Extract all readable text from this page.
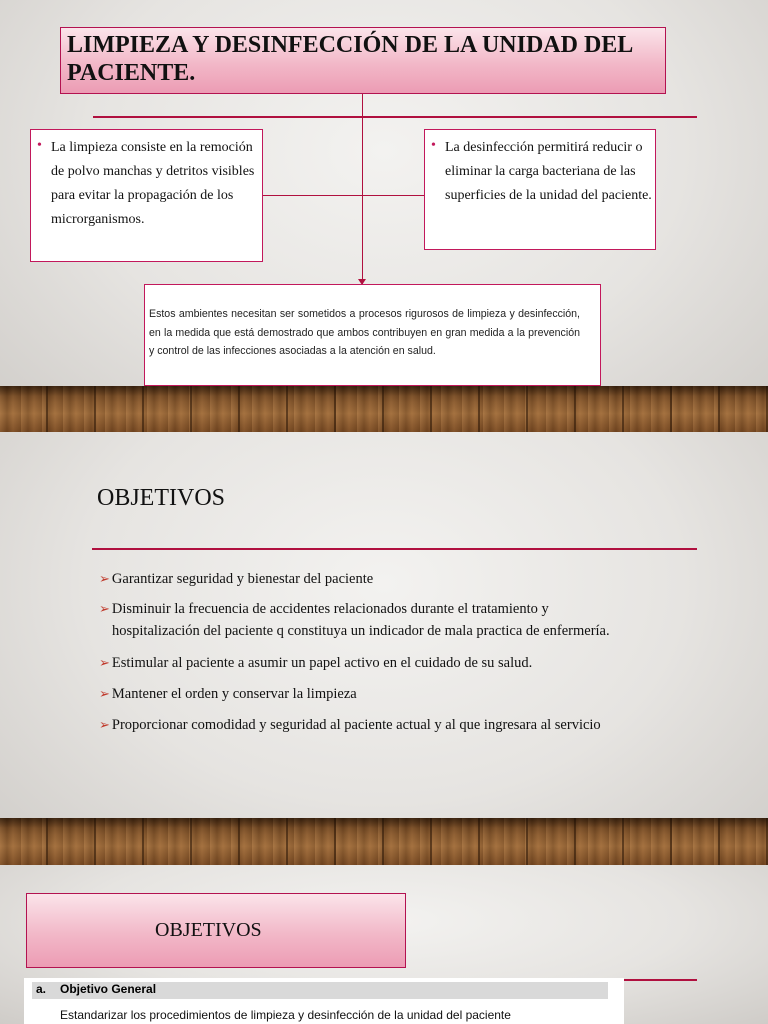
LIMPIEZA Y DESINFECCIÓN DE LA UNIDAD DEL PACIENTE.
• La limpieza consiste en la remoción de polvo manchas y detritos visibles para evitar la propagación de los microrganismos.
• La desinfección permitirá reducir o eliminar la carga bacteriana de las superficies de la unidad del paciente.
Estos ambientes necesitan ser sometidos a procesos rigurosos de limpieza y desinfección, en la medida que está demostrado que ambos contribuyen en gran medida a la prevención y control de las infecciones asociadas a la atención en salud.
OBJETIVOS
➢ Garantizar seguridad y bienestar del paciente
➢ Disminuir la frecuencia de accidentes relacionados durante el tratamiento y
hospitalización del paciente q constituya un indicador de mala practica de enfermería.
➢ Estimular al paciente a asumir un papel activo en el cuidado de su salud.
➢ Mantener el orden y conservar la limpieza
➢ Proporcionar comodidad y seguridad al paciente actual y al que ingresara al servicio
OBJETIVOS
a. Objetivo General
Estandarizar los procedimientos de limpieza y desinfección de la unidad del paciente
